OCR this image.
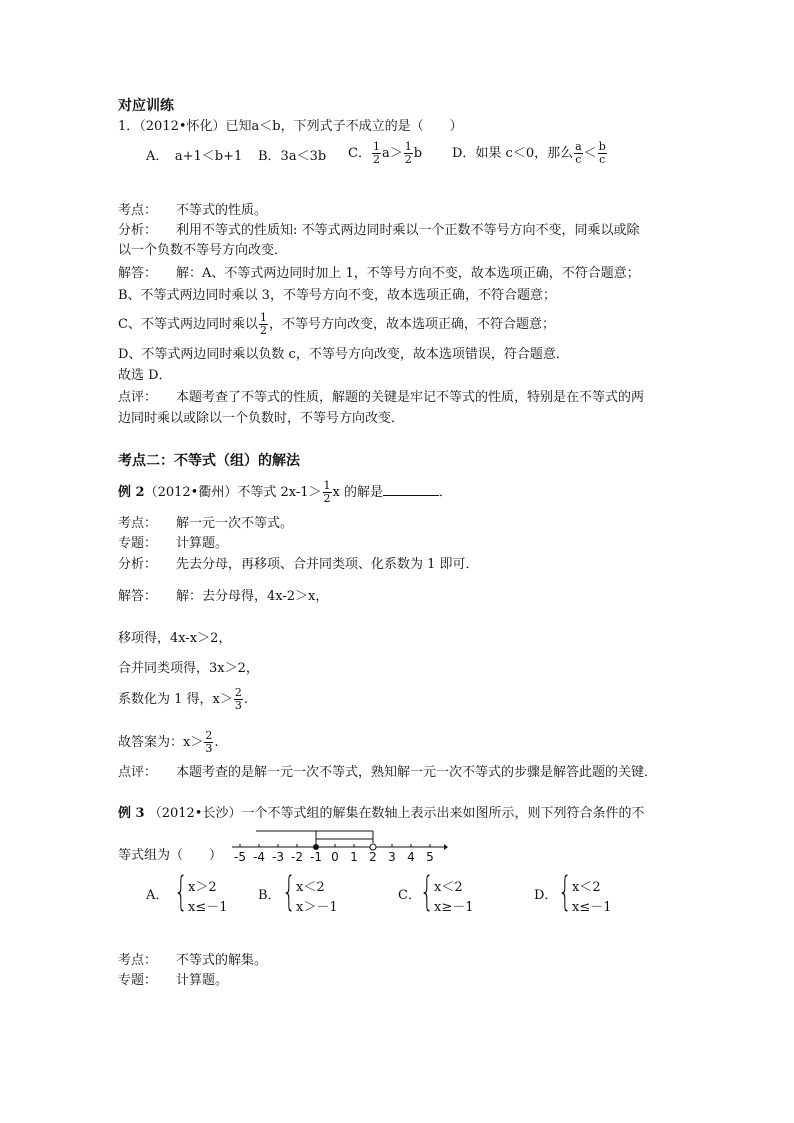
对应训练
1．（2012•怀化）已知a＜b，下列式子不成立的是（　　）
A．　a+1＜b+1 B．3a＜3b C． $\frac{1}{2} a> \frac{1}{2}$ b D．如果 c＜0，那么 $\frac{a}{c} < \frac{b}{c}$
考点： 不等式的性质。
分析： 利用不等式的性质知: 不等式两边同时乘以一个正数不等号方向不变，同乘以或除
以一个负数不等号方向改变．
解答： 解：A、不等式两边同时加上 1，不等号方向不变，故本选项正确，不符合题意；
B、不等式两边同时乘以 3，不等号方向不变，故本选项正确，不符合题意；
C、不等式两边同时乘以 $\frac{1}{2}$ ，不等号方向改变，故本选项正确，不符合题意；
D、不等式两边同时乘以负数 c，不等号方向改变，故本选项错误，符合题意．
故选 D．
点评： 本题考查了不等式的性质，解题的关键是牢记不等式的性质，特别是在不等式的两
边同时乘以或除以一个负数时，不等号方向改变．
考点二：不等式（组）的解法
例 2（2012•衢州）不等式 $2x-1> \frac{1}{2}$ x 的解是	．
考点： 解一元一次不等式。
专题： 计算题。
分析： 先去分母，再移项、合并同类项、化系数为 1 即可．
解答： 解：去分母得，4x-2＞x，
移项得，4x-x＞2，
合并同类项得，3x＞2，
系数化为 1 得，$x> \frac{2}{3}$ .
故答案为：$x> \frac{2}{3}$ .
点评： 本题考查的是解一元一次不等式，熟知解一元一次不等式的步骤是解答此题的关键．
例 3 （2012•长沙）一个不等式组的解集在数轴上表示出来如图所示，则下列符合条件的不
等式组为（　　） -5 -4 -3 -2 -1 0 1 2 3 4 5
A． { x＞2
x≤－1
B． { x＜2
x＞－1
C． { x＜2
x≥－1
D． { x＜2
x≤－1
考点： 不等式的解集。
专题： 计算题。
